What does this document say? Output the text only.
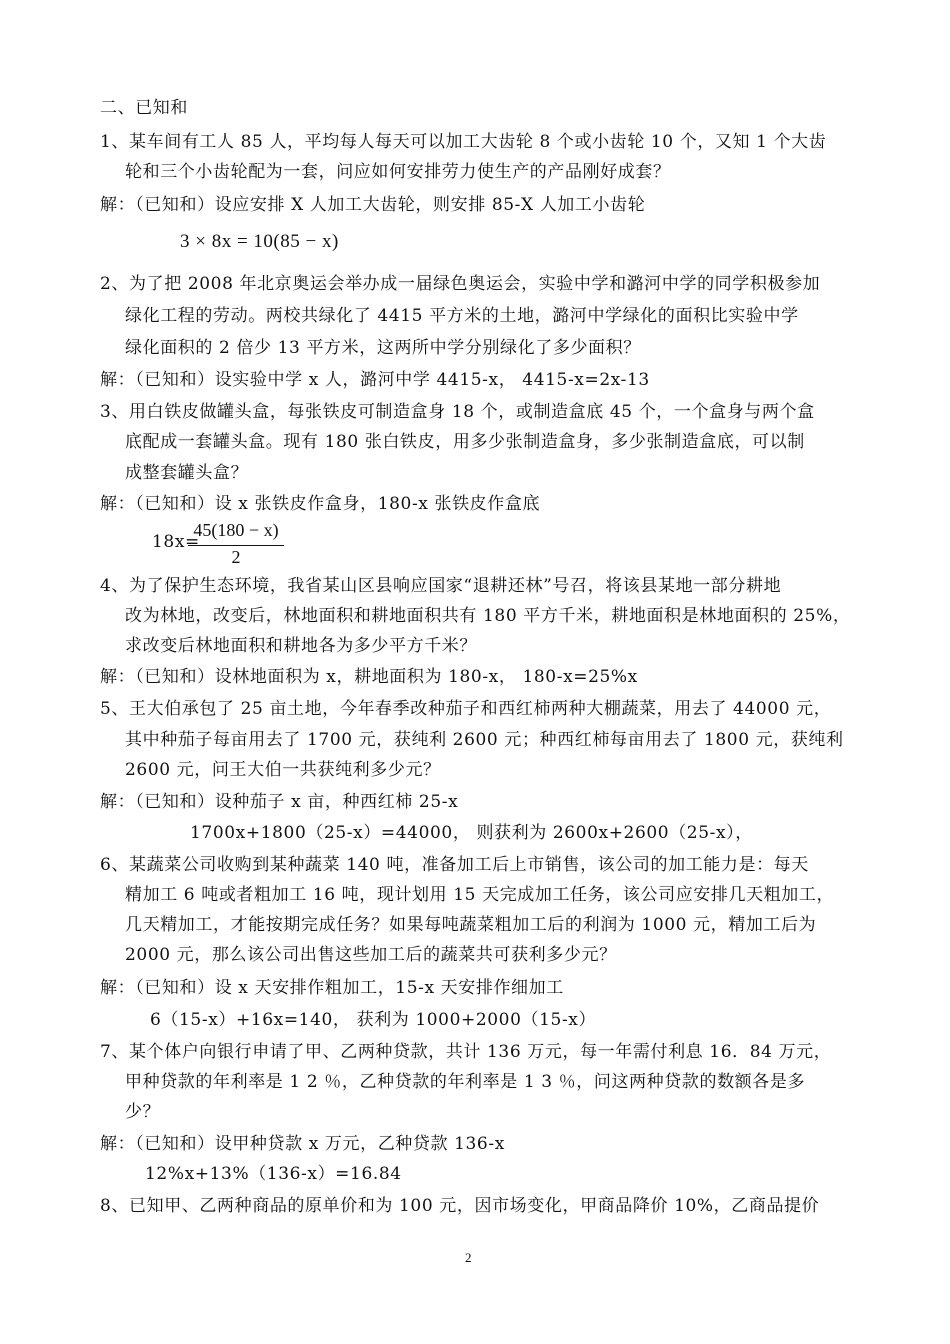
二、已知和
1、某车间有工人 85 人，平均每人每天可以加工大齿轮 8 个或小齿轮 10 个，又知 1 个大齿
轮和三个小齿轮配为一套，问应如何安排劳力使生产的产品刚好成套？
解：（已知和）设应安排 X 人加工大齿轮，则安排 85-X 人加工小齿轮
3 × 8x = 10(85 − x)
2、为了把 2008 年北京奥运会举办成一届绿色奥运会，实验中学和潞河中学的同学积极参加
绿化工程的劳动。两校共绿化了 4415 平方米的土地，潞河中学绿化的面积比实验中学
绿化面积的 2 倍少 13 平方米，这两所中学分别绿化了多少面积？
解：（已知和）设实验中学 x 人，潞河中学 4415-x， 4415-x=2x-13
3、用白铁皮做罐头盒，每张铁皮可制造盒身 18 个，或制造盒底 45 个，一个盒身与两个盒
底配成一套罐头盒。现有 180 张白铁皮，用多少张制造盒身，多少张制造盒底，可以制
成整套罐头盒？
解：（已知和）设 x 张铁皮作盒身，180-x 张铁皮作盒底
18x=
45(180 − x)
2
4、为了保护生态环境，我省某山区县响应国家“退耕还林”号召，将该县某地一部分耕地
改为林地，改变后，林地面积和耕地面积共有 180 平方千米，耕地面积是林地面积的 25%，
求改变后林地面积和耕地各为多少平方千米？
解：（已知和）设林地面积为 x，耕地面积为 180-x， 180-x=25%x
5、王大伯承包了 25 亩土地，今年春季改种茄子和西红柿两种大棚蔬菜，用去了 44000 元，
其中种茄子每亩用去了 1700 元，获纯利 2600 元；种西红柿每亩用去了 1800 元，获纯利
2600 元，问王大伯一共获纯利多少元？
解：（已知和）设种茄子 x 亩，种西红柿 25-x
1700x+1800（25-x）=44000， 则获利为 2600x+2600（25-x），
6、某蔬菜公司收购到某种蔬菜 140 吨，准备加工后上市销售，该公司的加工能力是：每天
精加工 6 吨或者粗加工 16 吨，现计划用 15 天完成加工任务，该公司应安排几天粗加工，
几天精加工，才能按期完成任务？如果每吨蔬菜粗加工后的利润为 1000 元，精加工后为
2000 元，那么该公司出售这些加工后的蔬菜共可获利多少元？
解：（已知和）设 x 天安排作粗加工，15-x 天安排作细加工
6（15-x）+16x=140， 获利为 1000+2000（15-x）
7、某个体户向银行申请了甲、乙两种贷款，共计 136 万元，每一年需付利息 16．84 万元，
甲种贷款的年利率是 1 2 ％，乙种贷款的年利率是 1 3 ％，问这两种贷款的数额各是多
少？
解：（已知和）设甲种贷款 x 万元，乙种贷款 136-x
12%x+13%（136-x）=16.84
8、已知甲、乙两种商品的原单价和为 100 元，因市场变化，甲商品降价 10%，乙商品提价
2
